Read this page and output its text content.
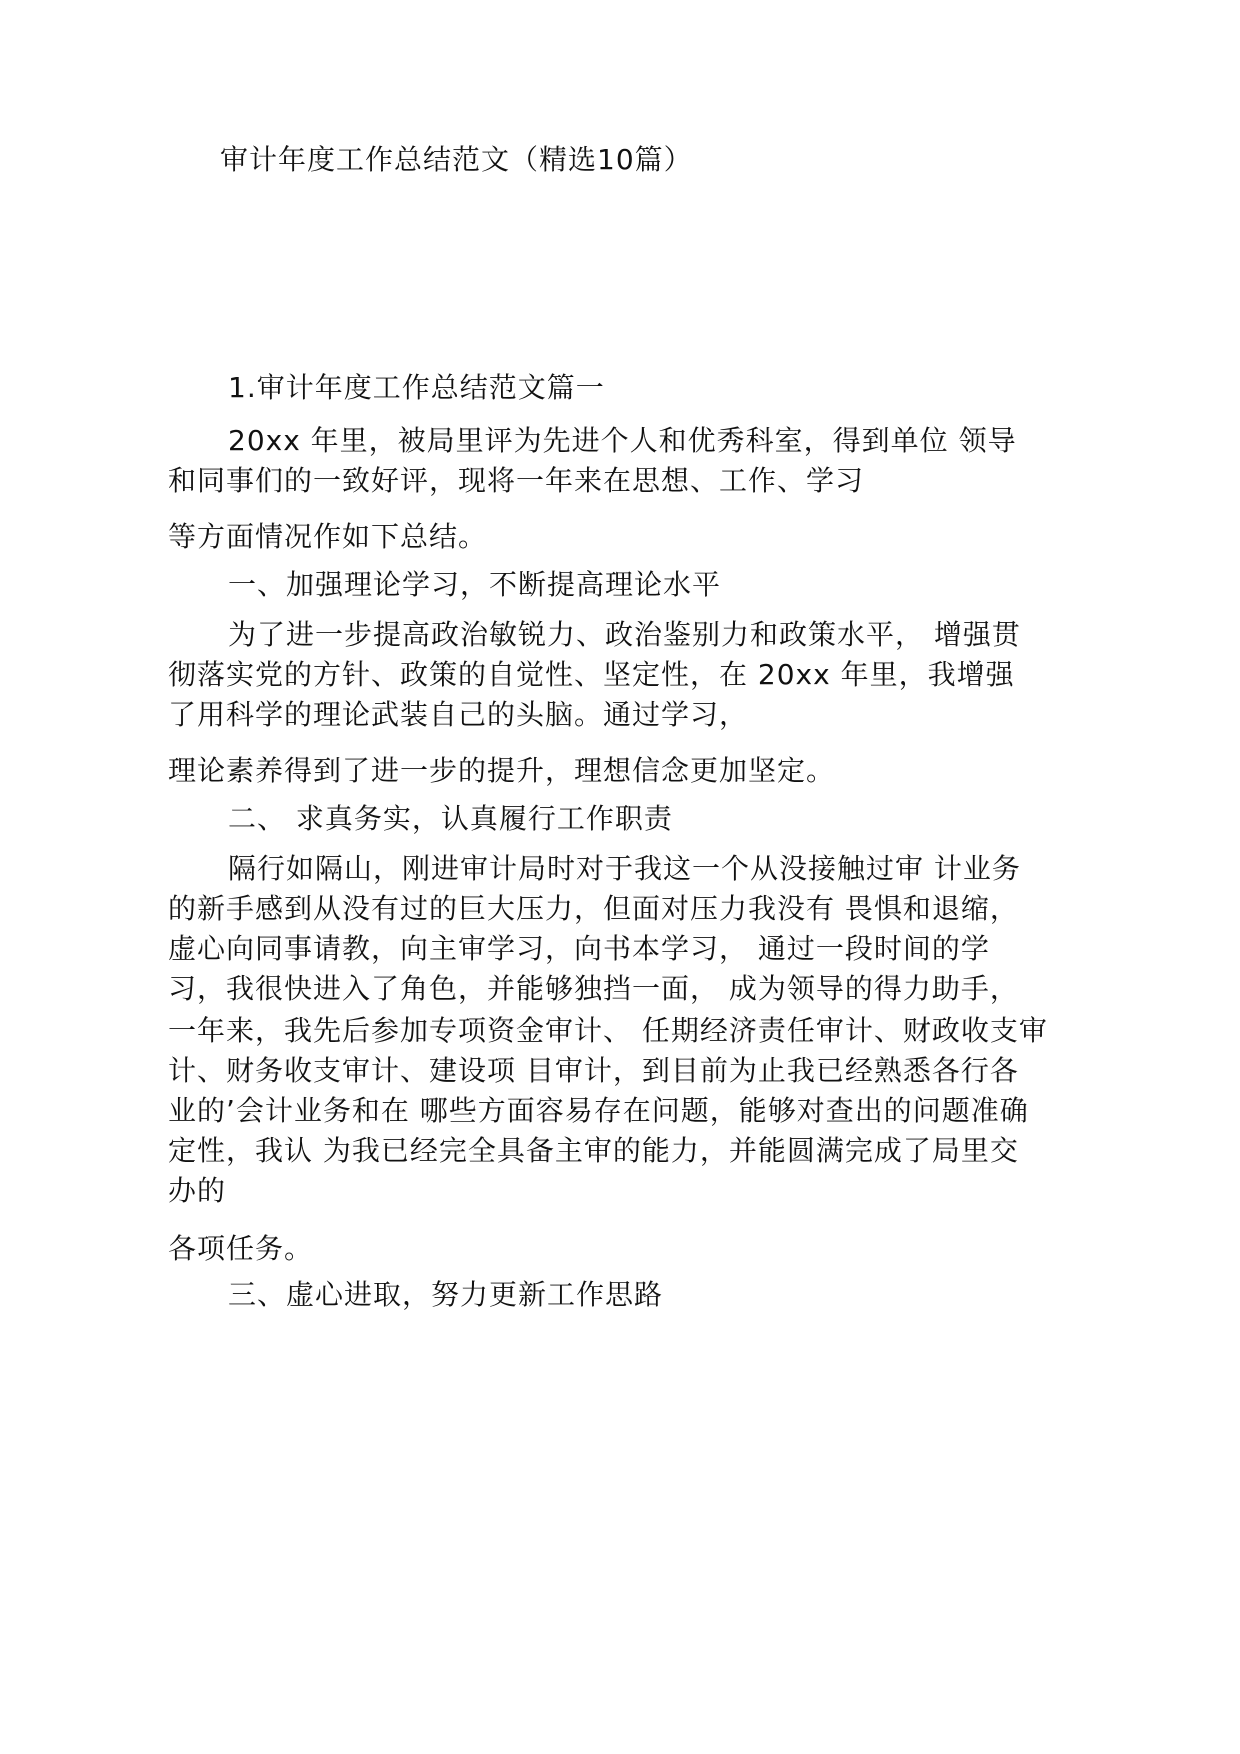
审计年度工作总结范文（精选10篇）
1.审计年度工作总结范文篇一
20xx 年里，被局里评为先进个人和优秀科室，得到单位 领导
和同事们的一致好评，现将一年来在思想、工作、学习
等方面情况作如下总结。
一、加强理论学习，不断提高理论水平
为了进一步提高政治敏锐力、政治鉴别力和政策水平， 增强贯
彻落实党的方针、政策的自觉性、坚定性，在 20xx 年里，我增强
了用科学的理论武装自己的头脑。通过学习，
理论素养得到了进一步的提升，理想信念更加坚定。
二、 求真务实，认真履行工作职责
隔行如隔山，刚进审计局时对于我这一个从没接触过审 计业务
的新手感到从没有过的巨大压力，但面对压力我没有 畏惧和退缩，
虚心向同事请教，向主审学习，向书本学习， 通过一段时间的学
习，我很快进入了角色，并能够独挡一面， 成为领导的得力助手，
一年来，我先后参加专项资金审计、 任期经济责任审计、财政收支审
计、财务收支审计、建设项 目审计，到目前为止我已经熟悉各行各
业的’会计业务和在 哪些方面容易存在问题，能够对查出的问题准确
定性，我认 为我已经完全具备主审的能力，并能圆满完成了局里交
办的
各项任务。
三、虚心进取，努力更新工作思路
